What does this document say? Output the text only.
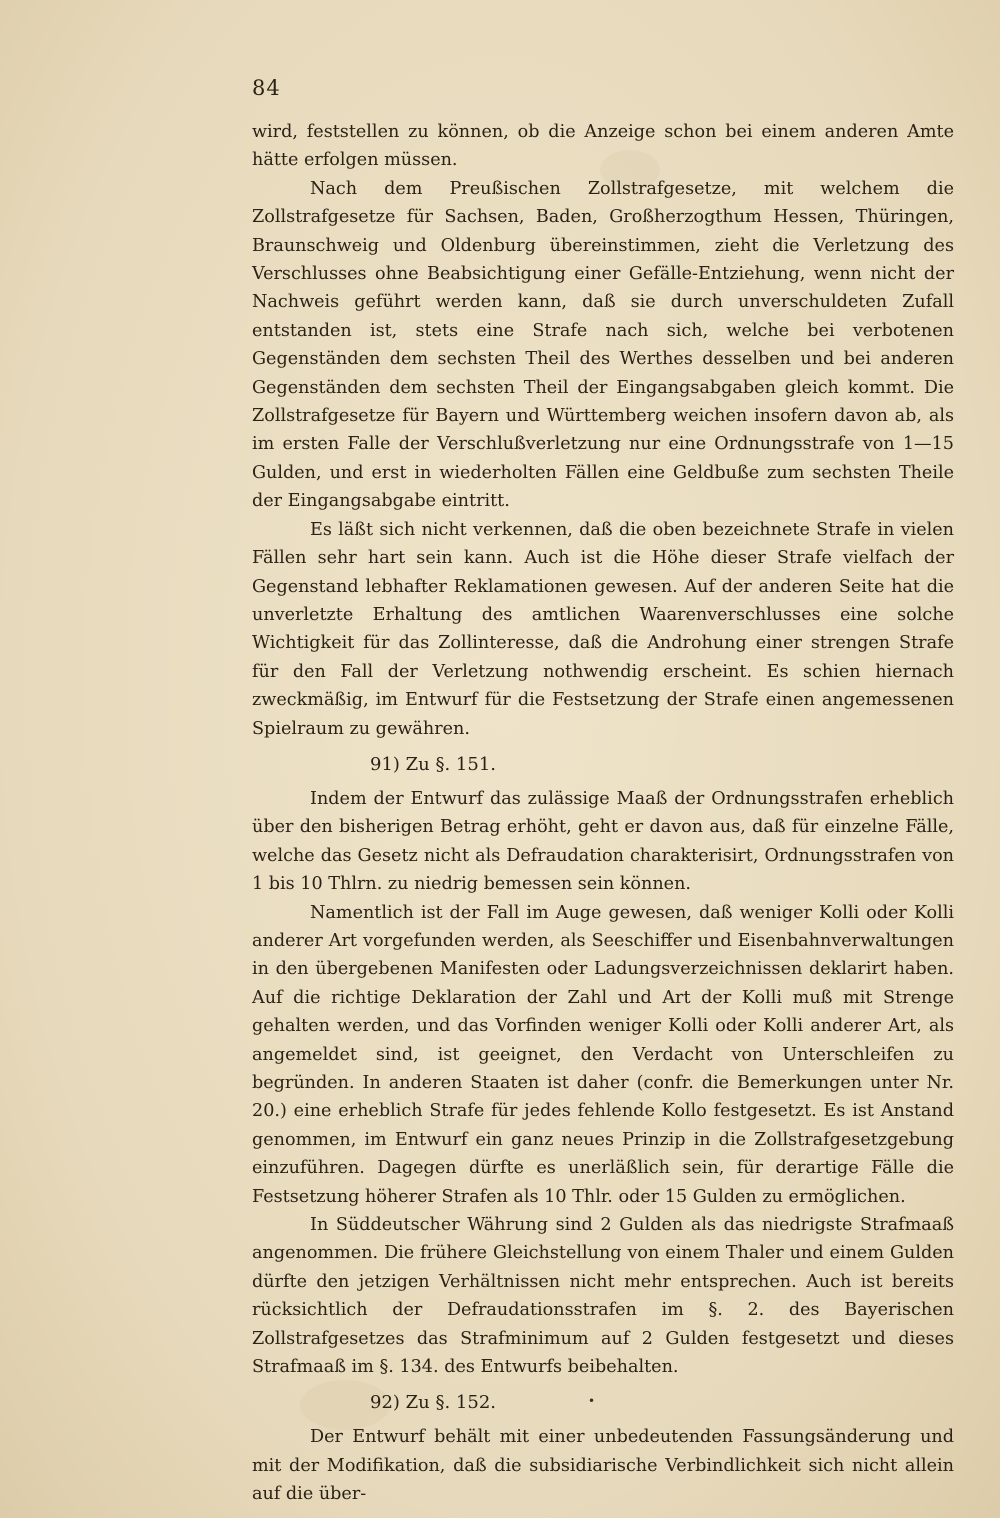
84

wird, feststellen zu können, ob die Anzeige schon bei einem anderen Amte hätte erfolgen müssen.

Nach dem Preußischen Zollstrafgesetze, mit welchem die Zollstrafgesetze für Sachsen, Baden, Großherzogthum Hessen, Thüringen, Braunschweig und Oldenburg übereinstimmen, zieht die Verletzung des Verschlusses ohne Beabsichtigung einer Gefälle-Entziehung, wenn nicht der Nachweis geführt werden kann, daß sie durch unverschuldeten Zufall entstanden ist, stets eine Strafe nach sich, welche bei verbotenen Gegenständen dem sechsten Theil des Werthes desselben und bei anderen Gegenständen dem sechsten Theil der Eingangsabgaben gleich kommt. Die Zollstrafgesetze für Bayern und Württemberg weichen insofern davon ab, als im ersten Falle der Verschlußverletzung nur eine Ordnungsstrafe von 1—15 Gulden, und erst in wiederholten Fällen eine Geldbuße zum sechsten Theile der Eingangsabgabe eintritt.

Es läßt sich nicht verkennen, daß die oben bezeichnete Strafe in vielen Fällen sehr hart sein kann. Auch ist die Höhe dieser Strafe vielfach der Gegenstand lebhafter Reklamationen gewesen. Auf der anderen Seite hat die unverletzte Erhaltung des amtlichen Waarenverschlusses eine solche Wichtigkeit für das Zollinteresse, daß die Androhung einer strengen Strafe für den Fall der Verletzung nothwendig erscheint. Es schien hiernach zweckmäßig, im Entwurf für die Festsetzung der Strafe einen angemessenen Spielraum zu gewähren.

91) Zu §. 151.

Indem der Entwurf das zulässige Maaß der Ordnungsstrafen erheblich über den bisherigen Betrag erhöht, geht er davon aus, daß für einzelne Fälle, welche das Gesetz nicht als Defraudation charakterisirt, Ordnungsstrafen von 1 bis 10 Thlrn. zu niedrig bemessen sein können.

Namentlich ist der Fall im Auge gewesen, daß weniger Kolli oder Kolli anderer Art vorgefunden werden, als Seeschiffer und Eisenbahnverwaltungen in den übergebenen Manifesten oder Ladungsverzeichnissen deklarirt haben. Auf die richtige Deklaration der Zahl und Art der Kolli muß mit Strenge gehalten werden, und das Vorfinden weniger Kolli oder Kolli anderer Art, als angemeldet sind, ist geeignet, den Verdacht von Unterschleifen zu begründen. In anderen Staaten ist daher (confr. die Bemerkungen unter Nr. 20.) eine erheblich Strafe für jedes fehlende Kollo festgesetzt. Es ist Anstand genommen, im Entwurf ein ganz neues Prinzip in die Zollstrafgesetzgebung einzuführen. Dagegen dürfte es unerläßlich sein, für derartige Fälle die Festsetzung höherer Strafen als 10 Thlr. oder 15 Gulden zu ermöglichen.

In Süddeutscher Währung sind 2 Gulden als das niedrigste Strafmaaß angenommen. Die frühere Gleichstellung von einem Thaler und einem Gulden dürfte den jetzigen Verhältnissen nicht mehr entsprechen. Auch ist bereits rücksichtlich der Defraudationsstrafen im §. 2. des Bayerischen Zollstrafgesetzes das Strafminimum auf 2 Gulden festgesetzt und dieses Strafmaaß im §. 134. des Entwurfs beibehalten.

92) Zu §. 152.

Der Entwurf behält mit einer unbedeutenden Fassungsänderung und mit der Modifikation, daß die subsidiarische Verbindlichkeit sich nicht allein auf die über-

•
